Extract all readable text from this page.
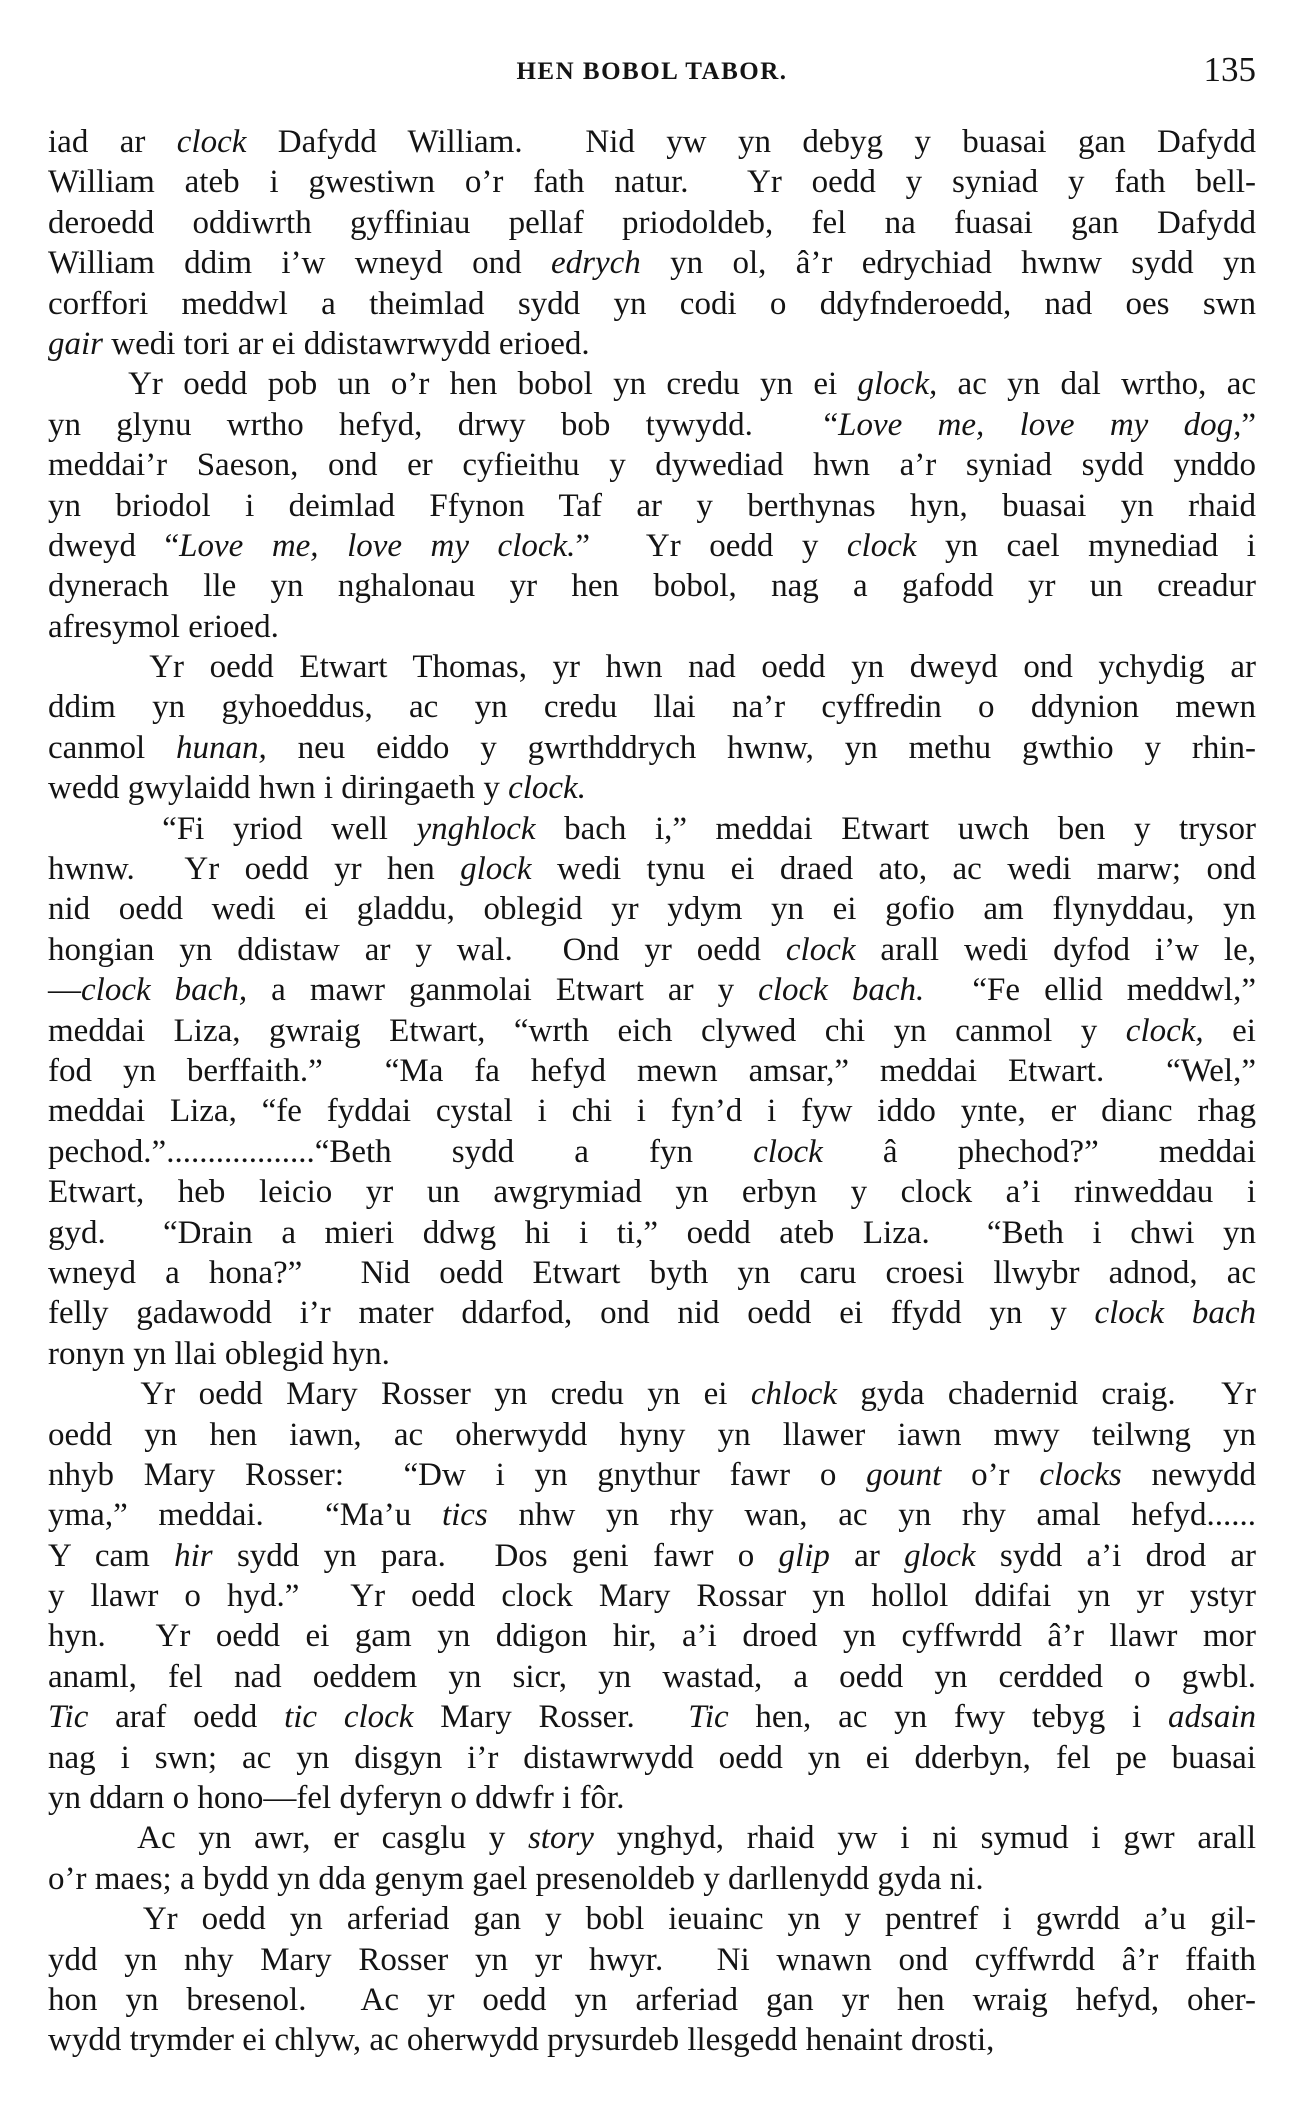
HEN BOBOL TABOR.	135
iad ar clock Dafydd William.  Nid yw yn debyg y buasai gan Dafydd
William ateb i gwestiwn o’r fath natur.  Yr oedd y syniad y fath bell-
deroedd oddiwrth gyffiniau pellaf priodoldeb, fel na fuasai gan Dafydd
William ddim i’w wneyd ond edrych yn ol, â’r edrychiad hwnw sydd yn
corffori meddwl a theimlad sydd yn codi o ddyfnderoedd, nad oes swn
gair wedi tori ar ei ddistawrwydd erioed.
Yr oedd pob un o’r hen bobol yn credu yn ei glock, ac yn dal wrtho, ac
yn glynu wrtho hefyd, drwy bob tywydd.  “Love me, love my dog,”
meddai’r Saeson, ond er cyfieithu y dywediad hwn a’r syniad sydd ynddo
yn briodol i deimlad Ffynon Taf ar y berthynas hyn, buasai yn rhaid
dweyd “Love me, love my clock.”  Yr oedd y clock yn cael mynediad i
dynerach lle yn nghalonau yr hen bobol, nag a gafodd yr un creadur
afresymol erioed.
Yr oedd Etwart Thomas, yr hwn nad oedd yn dweyd ond ychydig ar
ddim yn gyhoeddus, ac yn credu llai na’r cyffredin o ddynion mewn
canmol hunan, neu eiddo y gwrthddrych hwnw, yn methu gwthio y rhin-
wedd gwylaidd hwn i diringaeth y clock.
“Fi yriod well ynghlock bach i,” meddai Etwart uwch ben y trysor
hwnw.  Yr oedd yr hen glock wedi tynu ei draed ato, ac wedi marw; ond
nid oedd wedi ei gladdu, oblegid yr ydym yn ei gofio am flynyddau, yn
hongian yn ddistaw ar y wal.  Ond yr oedd clock arall wedi dyfod i’w le,
—clock bach, a mawr ganmolai Etwart ar y clock bach.  “Fe ellid meddwl,”
meddai Liza, gwraig Etwart, “wrth eich clywed chi yn canmol y clock, ei
fod yn berffaith.”  “Ma fa hefyd mewn amsar,” meddai Etwart.  “Wel,”
meddai Liza, “fe fyddai cystal i chi i fyn’d i fyw iddo ynte, er dianc rhag
pechod.”..................“Beth sydd a fyn clock â phechod?” meddai
Etwart, heb leicio yr un awgrymiad yn erbyn y clock a’i rinweddau i
gyd.  “Drain a mieri ddwg hi i ti,” oedd ateb Liza.  “Beth i chwi yn
wneyd a hona?”  Nid oedd Etwart byth yn caru croesi llwybr adnod, ac
felly gadawodd i’r mater ddarfod, ond nid oedd ei ffydd yn y clock bach
ronyn yn llai oblegid hyn.
Yr oedd Mary Rosser yn credu yn ei chlock gyda chadernid craig.  Yr
oedd yn hen iawn, ac oherwydd hyny yn llawer iawn mwy teilwng yn
nhyb Mary Rosser:  “Dw i yn gnythur fawr o gount o’r clocks newydd
yma,” meddai.  “Ma’u tics nhw yn rhy wan, ac yn rhy amal hefyd......
Y cam hir sydd yn para.  Dos geni fawr o glip ar glock sydd a’i drod ar
y llawr o hyd.”  Yr oedd clock Mary Rossar yn hollol ddifai yn yr ystyr
hyn.  Yr oedd ei gam yn ddigon hir, a’i droed yn cyffwrdd â’r llawr mor
anaml, fel nad oeddem yn sicr, yn wastad, a oedd yn cerdded o gwbl.
Tic araf oedd tic clock Mary Rosser.  Tic hen, ac yn fwy tebyg i adsain
nag i swn; ac yn disgyn i’r distawrwydd oedd yn ei dderbyn, fel pe buasai
yn ddarn o hono—fel dyferyn o ddwfr i fôr.
Ac yn awr, er casglu y story ynghyd, rhaid yw i ni symud i gwr arall
o’r maes; a bydd yn dda genym gael presenoldeb y darllenydd gyda ni.
Yr oedd yn arferiad gan y bobl ieuainc yn y pentref i gwrdd a’u gil-
ydd yn nhy Mary Rosser yn yr hwyr.  Ni wnawn ond cyffwrdd â’r ffaith
hon yn bresenol.  Ac yr oedd yn arferiad gan yr hen wraig hefyd, oher-
wydd trymder ei chlyw, ac oherwydd prysurdeb llesgedd henaint drosti,
